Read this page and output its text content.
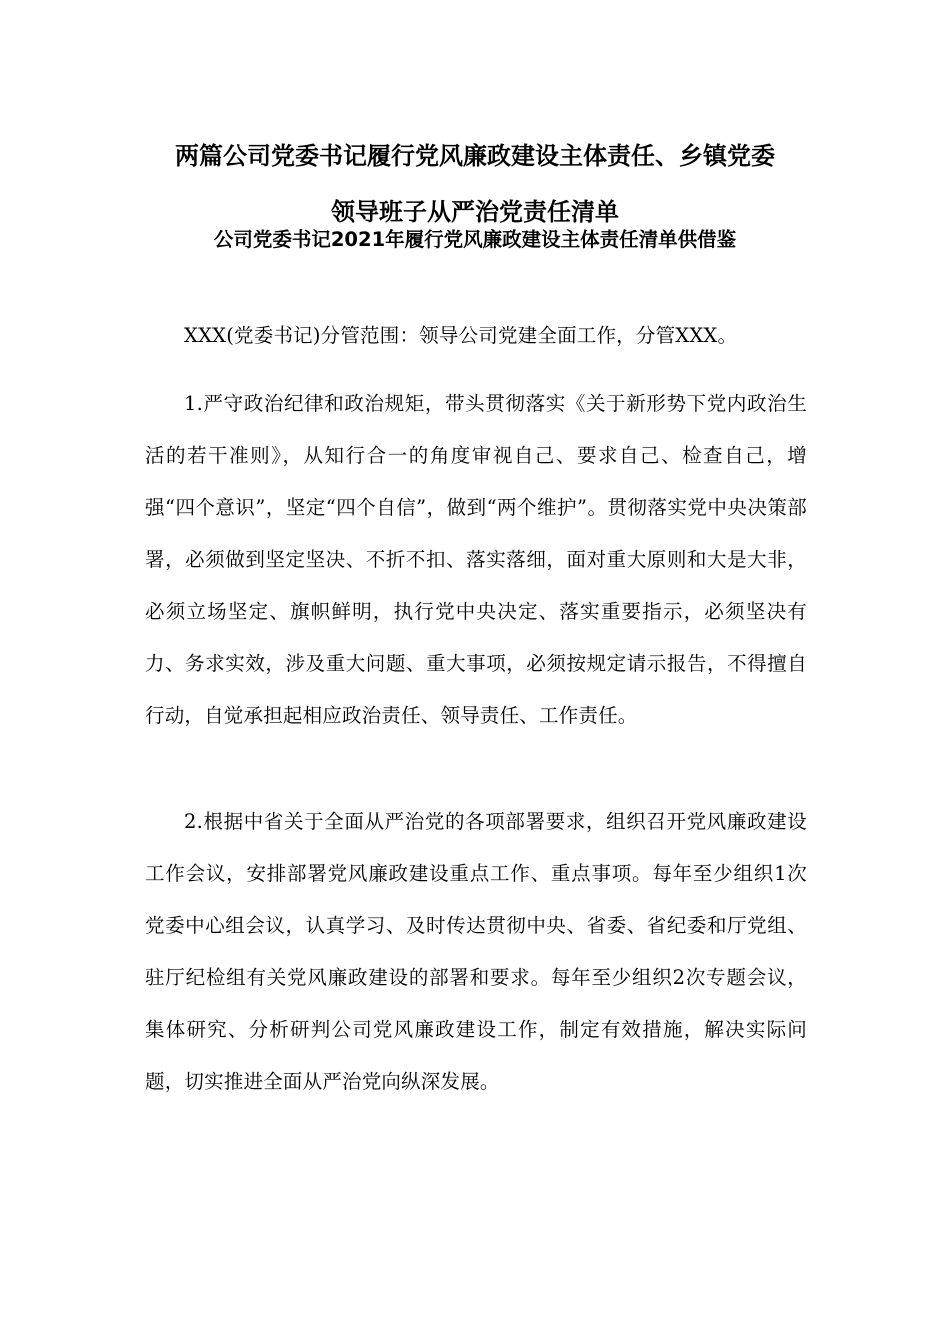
两篇公司党委书记履行党风廉政建设主体责任、乡镇党委
领导班子从严治党责任清单
公司党委书记2021年履行党风廉政建设主体责任清单供借鉴

XXX(党委书记)分管范围：领导公司党建全面工作，分管XXX。

1.严守政治纪律和政治规矩，带头贯彻落实《关于新形势下党内政治生活的若干准则》，从知行合一的角度审视自己、要求自己、检查自己，增强“四个意识”，坚定“四个自信”，做到“两个维护”。贯彻落实党中央决策部署，必须做到坚定坚决、不折不扣、落实落细，面对重大原则和大是大非，必须立场坚定、旗帜鲜明，执行党中央决定、落实重要指示，必须坚决有力、务求实效，涉及重大问题、重大事项，必须按规定请示报告，不得擅自行动，自觉承担起相应政治责任、领导责任、工作责任。

2.根据中省关于全面从严治党的各项部署要求，组织召开党风廉政建设工作会议，安排部署党风廉政建设重点工作、重点事项。每年至少组织1次党委中心组会议，认真学习、及时传达贯彻中央、省委、省纪委和厅党组、驻厅纪检组有关党风廉政建设的部署和要求。每年至少组织2次专题会议，集体研究、分析研判公司党风廉政建设工作，制定有效措施，解决实际问题，切实推进全面从严治党向纵深发展。
